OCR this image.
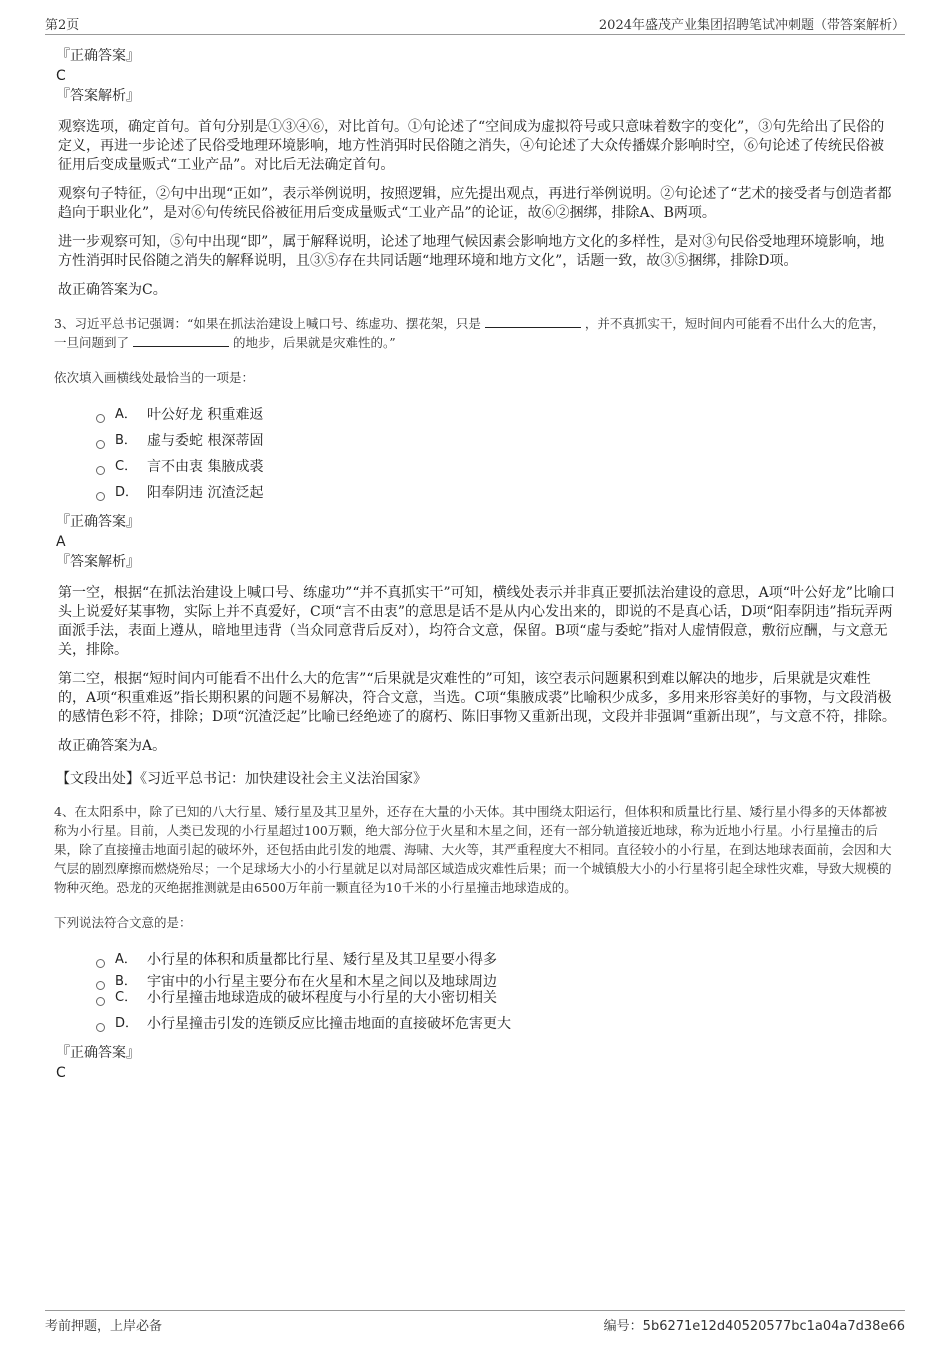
第2页	2024年盛茂产业集团招聘笔试冲刺题（带答案解析）

『正确答案』

C

『答案解析』

观察选项，确定首句。首句分别是①③④⑥，对比首句。①句论述了“空间成为虚拟符号或只意味着数字的变化”，③句先给出了民俗的定义，再进一步论述了民俗受地理环境影响，地方性消弭时民俗随之消失，④句论述了大众传播媒介影响时空，⑥句论述了传统民俗被征用后变成量贩式“工业产品”。对比后无法确定首句。

观察句子特征，②句中出现“正如”，表示举例说明，按照逻辑，应先提出观点，再进行举例说明。②句论述了“艺术的接受者与创造者都趋向于职业化”，是对⑥句传统民俗被征用后变成量贩式“工业产品”的论证，故⑥②捆绑，排除A、B两项。

进一步观察可知，⑤句中出现“即”，属于解释说明，论述了地理气候因素会影响地方文化的多样性，是对③句民俗受地理环境影响，地方性消弭时民俗随之消失的解释说明，且③⑤存在共同话题“地理环境和地方文化”，话题一致，故③⑤捆绑，排除D项。

故正确答案为C。

3、习近平总书记强调：“如果在抓法治建设上喊口号、练虚功、摆花架，只是	，并不真抓实干，短时间内可能看不出什么大的危害，一旦问题到了	的地步，后果就是灾难性的。”

依次填入画横线处最恰当的一项是：

A． 叶公好龙 积重难返
B． 虚与委蛇 根深蒂固
C． 言不由衷 集腋成裘
D． 阳奉阴违 沉渣泛起

『正确答案』

A

『答案解析』

第一空，根据“在抓法治建设上喊口号、练虚功”“并不真抓实干”可知，横线处表示并非真正要抓法治建设的意思，A项“叶公好龙”比喻口头上说爱好某事物，实际上并不真爱好，C项“言不由衷”的意思是话不是从内心发出来的，即说的不是真心话，D项“阳奉阴违”指玩弄两面派手法，表面上遵从，暗地里违背（当众同意背后反对），均符合文意，保留。B项“虚与委蛇”指对人虚情假意，敷衍应酬，与文意无关，排除。

第二空，根据“短时间内可能看不出什么大的危害”“后果就是灾难性的”可知，该空表示问题累积到难以解决的地步，后果就是灾难性的，A项“积重难返”指长期积累的问题不易解决，符合文意，当选。C项“集腋成裘”比喻积少成多，多用来形容美好的事物，与文段消极的感情色彩不符，排除；D项“沉渣泛起”比喻已经绝迹了的腐朽、陈旧事物又重新出现，文段并非强调“重新出现”，与文意不符，排除。

故正确答案为A。

【文段出处】《习近平总书记：加快建设社会主义法治国家》

4、在太阳系中，除了已知的八大行星、矮行星及其卫星外，还存在大量的小天体。其中围绕太阳运行，但体积和质量比行星、矮行星小得多的天体都被称为小行星。目前，人类已发现的小行星超过100万颗，绝大部分位于火星和木星之间，还有一部分轨道接近地球，称为近地小行星。小行星撞击的后果，除了直接撞击地面引起的破坏外，还包括由此引发的地震、海啸、大火等，其严重程度大不相同。直径较小的小行星，在到达地球表面前，会因和大气层的剧烈摩擦而燃烧殆尽；一个足球场大小的小行星就足以对局部区域造成灾难性后果；而一个城镇般大小的小行星将引起全球性灾难，导致大规模的物种灭绝。恐龙的灭绝据推测就是由6500万年前一颗直径为10千米的小行星撞击地球造成的。

下列说法符合文意的是：

A． 小行星的体积和质量都比行星、矮行星及其卫星要小得多
B． 宇宙中的小行星主要分布在火星和木星之间以及地球周边
C． 小行星撞击地球造成的破坏程度与小行星的大小密切相关
D． 小行星撞击引发的连锁反应比撞击地面的直接破坏危害更大

『正确答案』

C

考前押题，上岸必备	编号：5b6271e12d40520577bc1a04a7d38e66
